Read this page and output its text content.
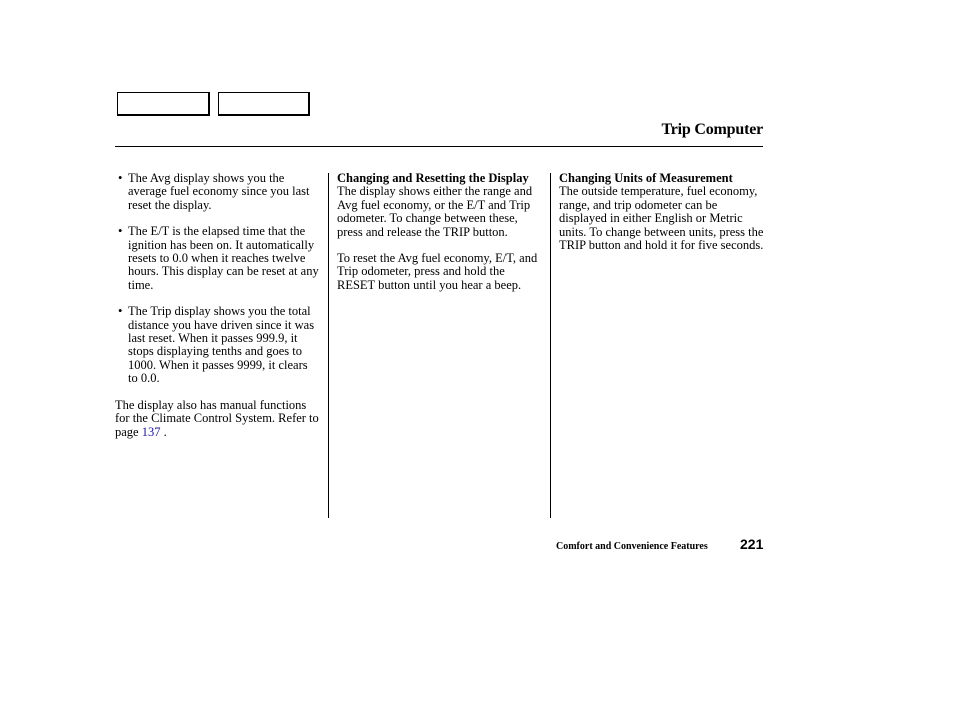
Trip Computer
• The Avg display shows you the average fuel economy since you last reset the display.
• The E/T is the elapsed time that the ignition has been on. It automatically resets to 0.0 when it reaches twelve hours. This display can be reset at any time.
• The Trip display shows you the total distance you have driven since it was last reset. When it passes 999.9, it stops displaying tenths and goes to 1000. When it passes 9999, it clears to 0.0.

The display also has manual functions for the Climate Control System. Refer to page 137 .

Changing and Resetting the Display
The display shows either the range and Avg fuel economy, or the E/T and Trip odometer. To change between these, press and release the TRIP button.

To reset the Avg fuel economy, E/T, and Trip odometer, press and hold the RESET button until you hear a beep.

Changing Units of Measurement
The outside temperature, fuel economy, range, and trip odometer can be displayed in either English or Metric units. To change between units, press the TRIP button and hold it for five seconds.

Comfort and Convenience Features 221
